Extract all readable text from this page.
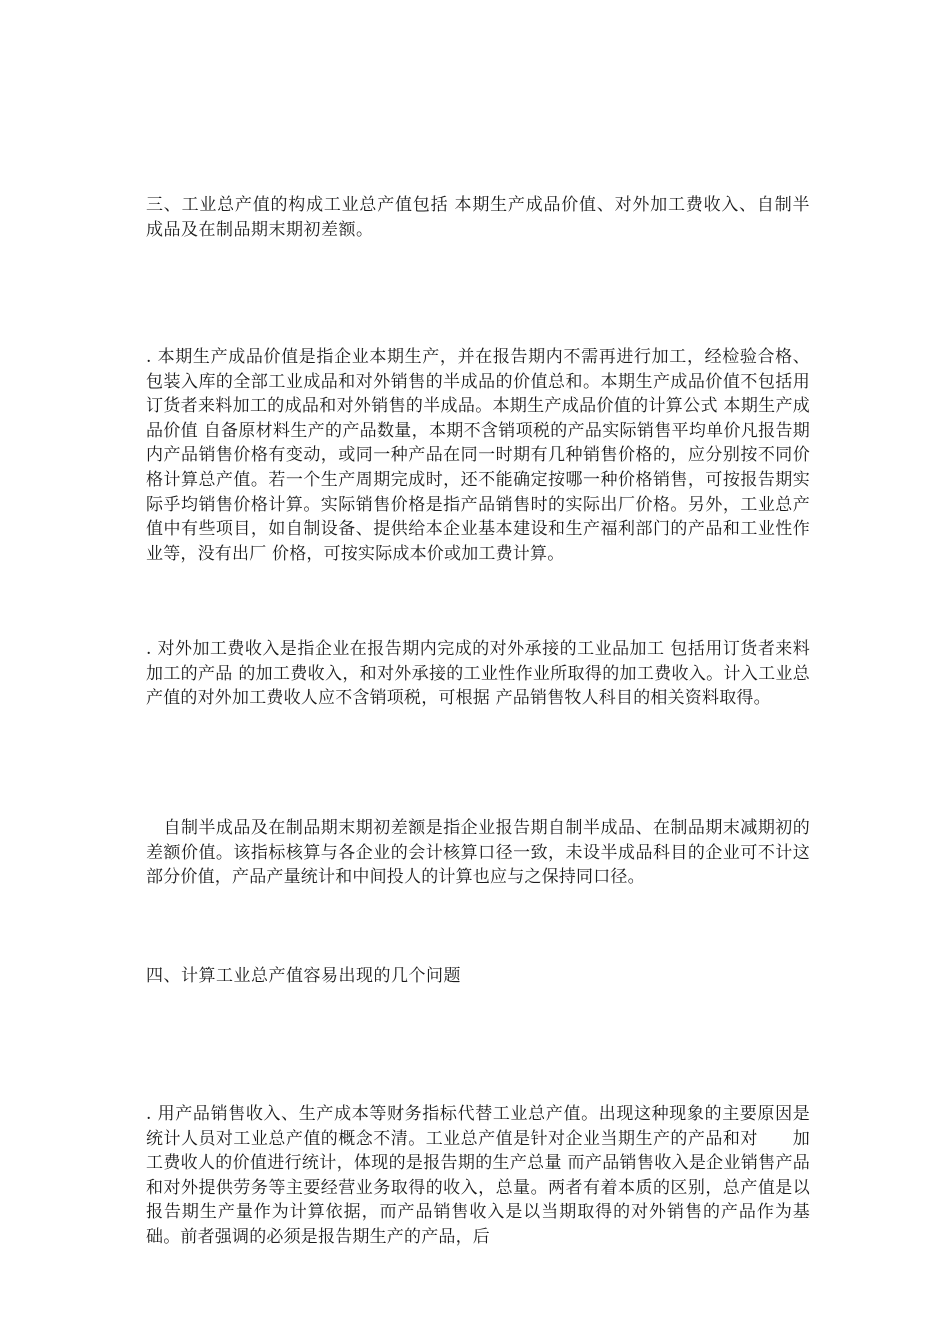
三、工业总产值的构成工业总产值包括 本期生产成品价值、对外加工费收入、自制半成品及在制品期末期初差额。
. 本期生产成品价值是指企业本期生产，并在报告期内不需再进行加工，经检验合格、包装入库的全部工业成品和对外销售的半成品的价值总和。本期生产成品价值不包括用订货者来料加工的成品和对外销售的半成品。本期生产成品价值的计算公式 本期生产成品价值 自备原材料生产的产品数量，本期不含销项税的产品实际销售平均单价凡报告期内产品销售价格有变动，或同一种产品在同一时期有几种销售价格的，应分别按不同价格计算总产值。若一个生产周期完成时，还不能确定按哪一种价格销售，可按报告期实际乎均销售价格计算。实际销售价格是指产品销售时的实际出厂价格。另外，工业总产值中有些项目，如自制设备、提供给本企业基本建设和生产福利部门的产品和工业性作业等，没有出厂 价格，可按实际成本价或加工费计算。
. 对外加工费收入是指企业在报告期内完成的对外承接的工业品加工 包括用订货者来料加工的产品 的加工费收入，和对外承接的工业性作业所取得的加工费收入。计入工业总产值的对外加工费收人应不含销项税，可根据 产品销售牧人科目的相关资料取得。
　自制半成品及在制品期末期初差额是指企业报告期自制半成品、在制品期末减期初的差额价值。该指标核算与各企业的会计核算口径一致，未设半成品科目的企业可不计这部分价值，产品产量统计和中间投人的计算也应与之保持同口径。
四、计算工业总产值容易出现的几个问题
. 用产品销售收入、生产成本等财务指标代替工业总产值。出现这种现象的主要原因是统计人员对工业总产值的概念不清。工业总产值是针对企业当期生产的产品和对　　加工费收人的价值进行统计，体现的是报告期的生产总量 而产品销售收入是企业销售产品和对外提供劳务等主要经营业务取得的收入，总量。两者有着本质的区别，总产值是以报告期生产量作为计算依据，而产品销售收入是以当期取得的对外销售的产品作为基础。前者强调的必须是报告期生产的产品，后
